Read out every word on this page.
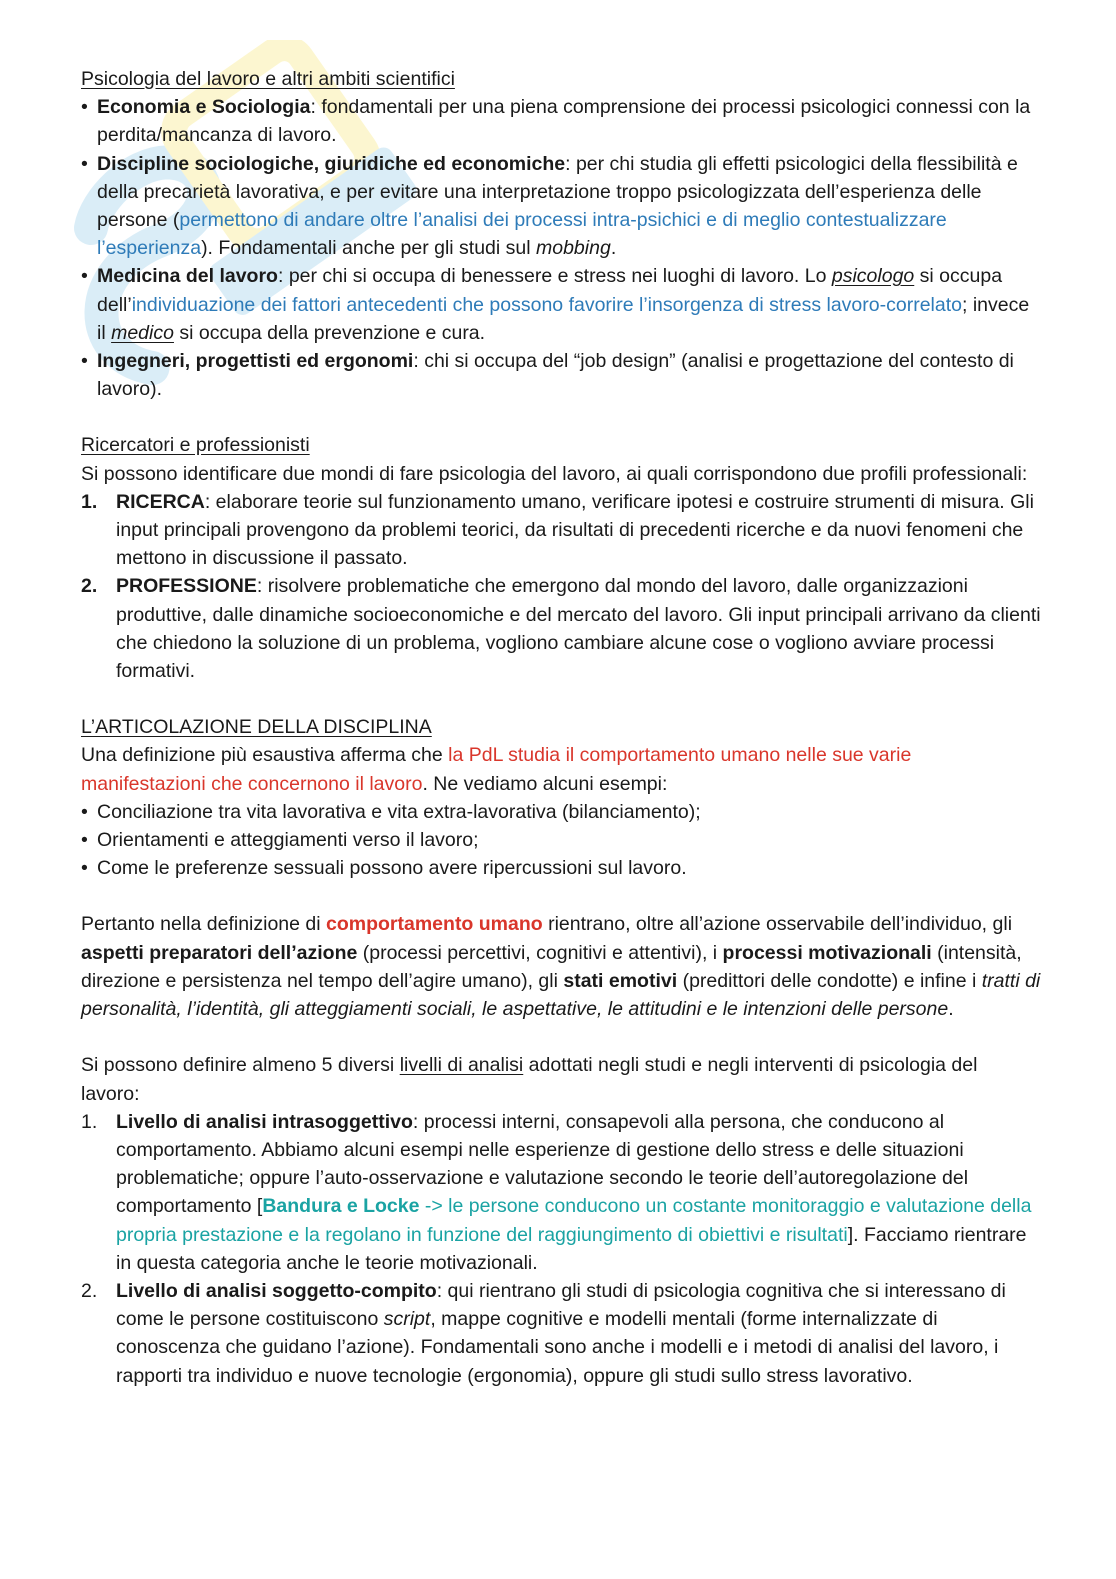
Psicologia del lavoro e altri ambiti scientifici

• Economia e Sociologia: fondamentali per una piena comprensione dei processi psicologici connessi con la perdita/mancanza di lavoro.
• Discipline sociologiche, giuridiche ed economiche: per chi studia gli effetti psicologici della flessibilità e della precarietà lavorativa, e per evitare una interpretazione troppo psicologizzata dell’esperienza delle persone (permettono di andare oltre l’analisi dei processi intra-psichici e di meglio contestualizzare l’esperienza). Fondamentali anche per gli studi sul mobbing.
• Medicina del lavoro: per chi si occupa di benessere e stress nei luoghi di lavoro. Lo psicologo si occupa dell’individuazione dei fattori antecedenti che possono favorire l’insorgenza di stress lavoro-correlato; invece il medico si occupa della prevenzione e cura.
• Ingegneri, progettisti ed ergonomi: chi si occupa del “job design” (analisi e progettazione del contesto di lavoro).

Ricercatori e professionisti

Si possono identificare due mondi di fare psicologia del lavoro, ai quali corrispondono due profili professionali:

1. RICERCA: elaborare teorie sul funzionamento umano, verificare ipotesi e costruire strumenti di misura. Gli input principali provengono da problemi teorici, da risultati di precedenti ricerche e da nuovi fenomeni che mettono in discussione il passato.
2. PROFESSIONE: risolvere problematiche che emergono dal mondo del lavoro, dalle organizzazioni produttive, dalle dinamiche socioeconomiche e del mercato del lavoro. Gli input principali arrivano da clienti che chiedono la soluzione di un problema, vogliono cambiare alcune cose o vogliono avviare processi formativi.

L’ARTICOLAZIONE DELLA DISCIPLINA

Una definizione più esaustiva afferma che la PdL studia il comportamento umano nelle sue varie manifestazioni che concernono il lavoro. Ne vediamo alcuni esempi:

• Conciliazione tra vita lavorativa e vita extra-lavorativa (bilanciamento);
• Orientamenti e atteggiamenti verso il lavoro;
• Come le preferenze sessuali possono avere ripercussioni sul lavoro.

Pertanto nella definizione di comportamento umano rientrano, oltre all’azione osservabile dell’individuo, gli aspetti preparatori dell’azione (processi percettivi, cognitivi e attentivi), i processi motivazionali (intensità, direzione e persistenza nel tempo dell’agire umano), gli stati emotivi (predittori delle condotte) e infine i tratti di personalità, l’identità, gli atteggiamenti sociali, le aspettative, le attitudini e le intenzioni delle persone.

Si possono definire almeno 5 diversi livelli di analisi adottati negli studi e negli interventi di psicologia del lavoro:

1. Livello di analisi intrasoggettivo: processi interni, consapevoli alla persona, che conducono al comportamento. Abbiamo alcuni esempi nelle esperienze di gestione dello stress e delle situazioni problematiche; oppure l’auto-osservazione e valutazione secondo le teorie dell’autoregolazione del comportamento [Bandura e Locke -> le persone conducono un costante monitoraggio e valutazione della propria prestazione e la regolano in funzione del raggiungimento di obiettivi e risultati]. Facciamo rientrare in questa categoria anche le teorie motivazionali.
2. Livello di analisi soggetto-compito: qui rientrano gli studi di psicologia cognitiva che si interessano di come le persone costituiscono script, mappe cognitive e modelli mentali (forme internalizzate di conoscenza che guidano l’azione). Fondamentali sono anche i modelli e i metodi di analisi del lavoro, i rapporti tra individuo e nuove tecnologie (ergonomia), oppure gli studi sullo stress lavorativo.
